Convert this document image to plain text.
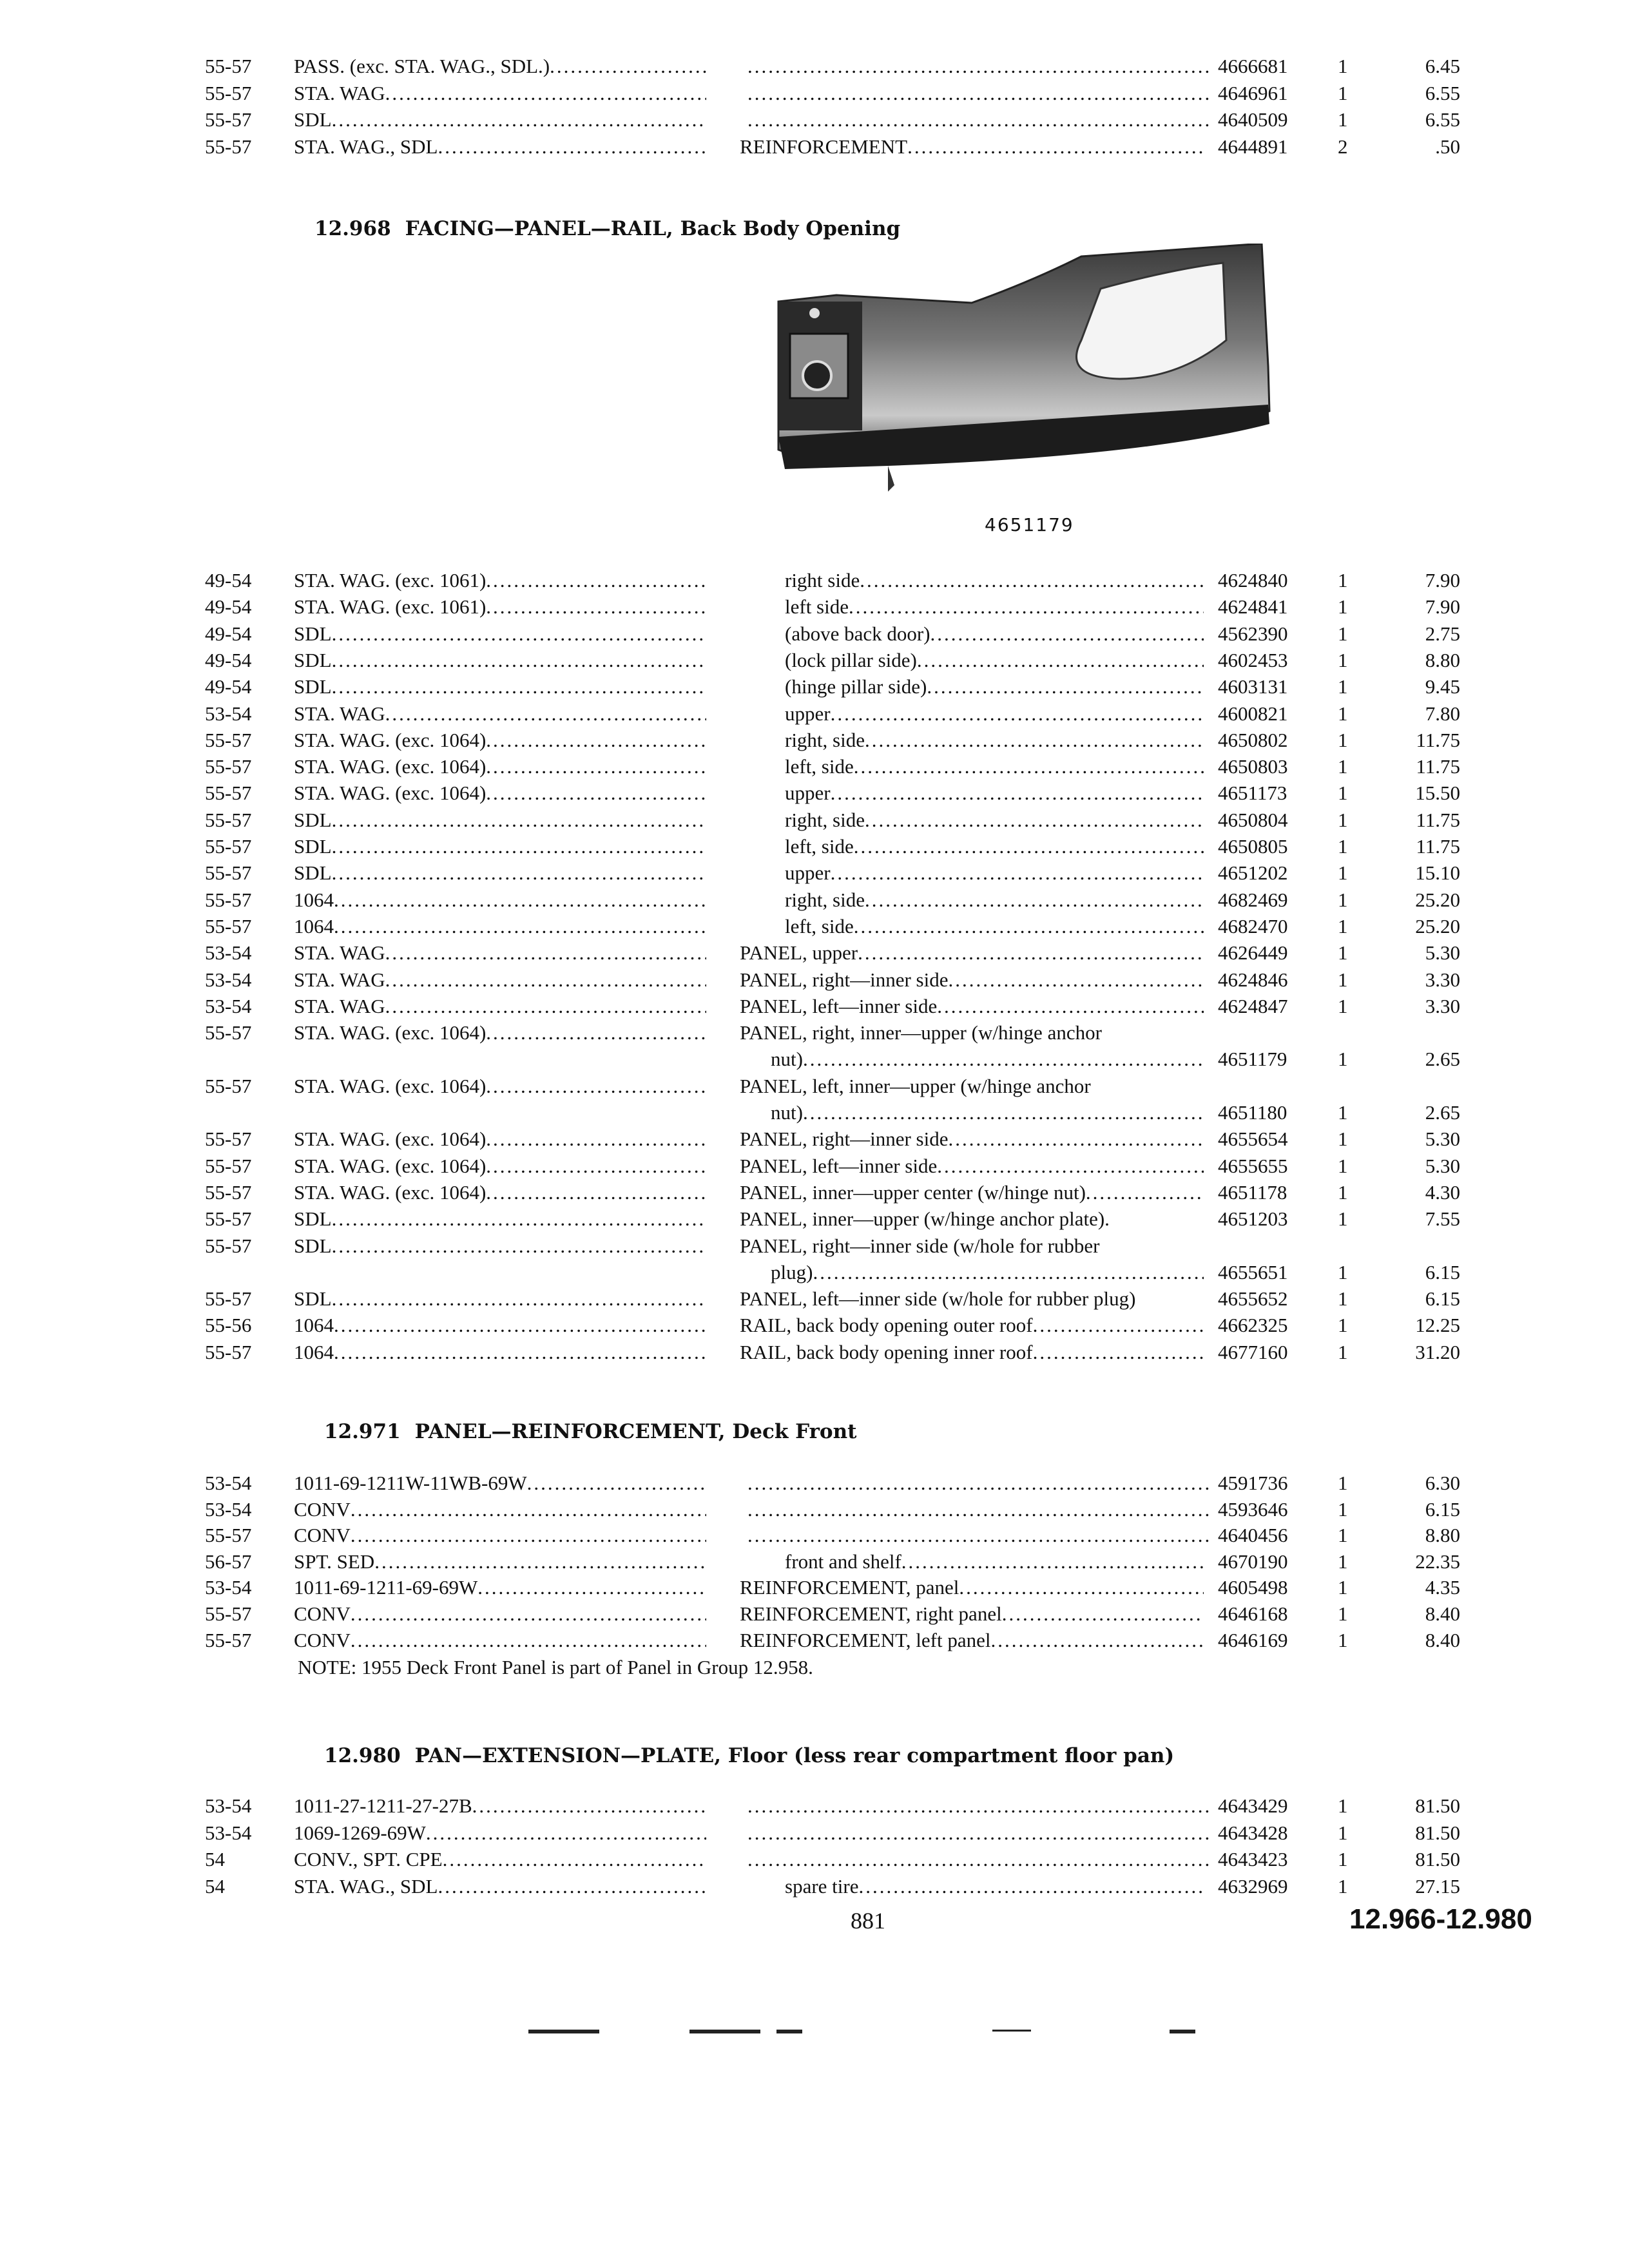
55-57	PASS. (exc. STA. WAG., SDL.) ..... .....	4666681	1	6.45
55-57	STA. WAG ..... .....	4646961	1	6.55
55-57	SDL ..... .....	4640509	1	6.55
55-57	STA. WAG., SDL .....	REINFORCEMENT .....	4644891	2	.50
12.968 FACING—PANEL—RAIL, Back Body Opening
4651179
49-54	STA. WAG. (exc. 1061) .....	right side .....	4624840	1	7.90
49-54	STA. WAG. (exc. 1061) .....	left side .....	4624841	1	7.90
49-54	SDL .....	(above back door) .....	4562390	1	2.75
49-54	SDL .....	(lock pillar side) .....	4602453	1	8.80
49-54	SDL .....	(hinge pillar side) .....	4603131	1	9.45
53-54	STA. WAG .....	upper .....	4600821	1	7.80
55-57	STA. WAG. (exc. 1064) .....	right, side .....	4650802	1	11.75
55-57	STA. WAG. (exc. 1064) .....	left, side .....	4650803	1	11.75
55-57	STA. WAG. (exc. 1064) .....	upper .....	4651173	1	15.50
55-57	SDL .....	right, side .....	4650804	1	11.75
55-57	SDL .....	left, side .....	4650805	1	11.75
55-57	SDL .....	upper .....	4651202	1	15.10
55-57	1064 .....	right, side .....	4682469	1	25.20
55-57	1064 .....	left, side .....	4682470	1	25.20
53-54	STA. WAG .....	PANEL, upper .....	4626449	1	5.30
53-54	STA. WAG .....	PANEL, right—inner side .....	4624846	1	3.30
53-54	STA. WAG .....	PANEL, left—inner side .....	4624847	1	3.30
55-57	STA. WAG. (exc. 1064) .....	PANEL, right, inner—upper (w/hinge anchor
nut) .....	4651179	1	2.65
55-57	STA. WAG. (exc. 1064) .....	PANEL, left, inner—upper (w/hinge anchor
nut) .....	4651180	1	2.65
55-57	STA. WAG. (exc. 1064) .....	PANEL, right—inner side .....	4655654	1	5.30
55-57	STA. WAG. (exc. 1064) .....	PANEL, left—inner side .....	4655655	1	5.30
55-57	STA. WAG. (exc. 1064) .....	PANEL, inner—upper center (w/hinge nut) .....	4651178	1	4.30
55-57	SDL .....	PANEL, inner—upper (w/hinge anchor plate).	4651203	1	7.55
55-57	SDL .....	PANEL, right—inner side (w/hole for rubber
plug) .....	4655651	1	6.15
55-57	SDL .....	PANEL, left—inner side (w/hole for rubber plug)	4655652	1	6.15
55-56	1064 .....	RAIL, back body opening outer roof .....	4662325	1	12.25
55-57	1064 .....	RAIL, back body opening inner roof .....	4677160	1	31.20
12.971 PANEL—REINFORCEMENT, Deck Front
53-54	1011-69-1211W-11WB-69W ..... .....	4591736	1	6.30
53-54	CONV ..... .....	4593646	1	6.15
55-57	CONV ..... .....	4640456	1	8.80
56-57	SPT. SED .....	front and shelf .....	4670190	1	22.35
53-54	1011-69-1211-69-69W .....	REINFORCEMENT, panel .....	4605498	1	4.35
55-57	CONV .....	REINFORCEMENT, right panel .....	4646168	1	8.40
55-57	CONV .....	REINFORCEMENT, left panel .....	4646169	1	8.40
NOTE: 1955 Deck Front Panel is part of Panel in Group 12.958.
12.980 PAN—EXTENSION—PLATE, Floor (less rear compartment floor pan)
53-54	1011-27-1211-27-27B ..... .....	4643429	1	81.50
53-54	1069-1269-69W ..... .....	4643428	1	81.50
54	CONV., SPT. CPE ..... .....	4643423	1	81.50
54	STA. WAG., SDL .....	spare tire .....	4632969	1	27.15
881	12.966-12.980
